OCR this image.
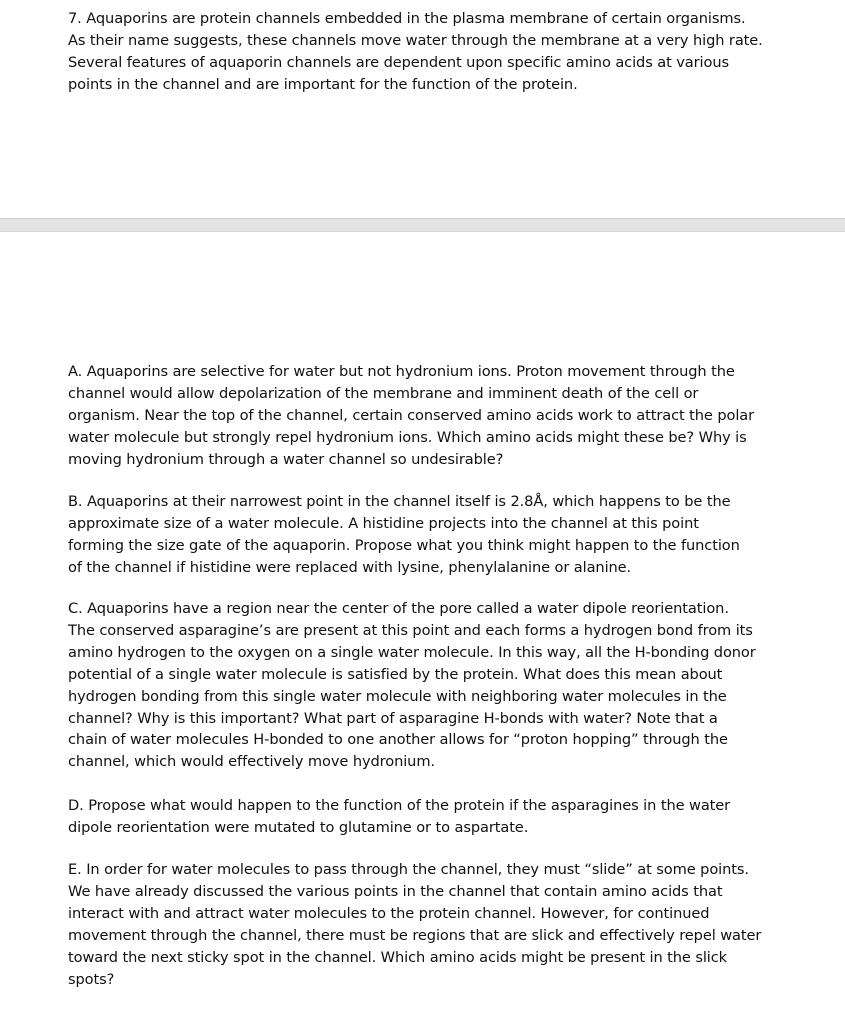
7. Aquaporins are protein channels embedded in the plasma membrane of certain organisms.
As their name suggests, these channels move water through the membrane at a very high rate.
Several features of aquaporin channels are dependent upon specific amino acids at various
points in the channel and are important for the function of the protein.

A. Aquaporins are selective for water but not hydronium ions. Proton movement through the
channel would allow depolarization of the membrane and imminent death of the cell or
organism. Near the top of the channel, certain conserved amino acids work to attract the polar
water molecule but strongly repel hydronium ions. Which amino acids might these be? Why is
moving hydronium through a water channel so undesirable?

B. Aquaporins at their narrowest point in the channel itself is 2.8Å, which happens to be the
approximate size of a water molecule. A histidine projects into the channel at this point
forming the size gate of the aquaporin. Propose what you think might happen to the function
of the channel if histidine were replaced with lysine, phenylalanine or alanine.

C. Aquaporins have a region near the center of the pore called a water dipole reorientation.
The conserved asparagine’s are present at this point and each forms a hydrogen bond from its
amino hydrogen to the oxygen on a single water molecule. In this way, all the H-bonding donor
potential of a single water molecule is satisfied by the protein. What does this mean about
hydrogen bonding from this single water molecule with neighboring water molecules in the
channel? Why is this important? What part of asparagine H-bonds with water? Note that a
chain of water molecules H-bonded to one another allows for “proton hopping” through the
channel, which would effectively move hydronium.

D. Propose what would happen to the function of the protein if the asparagines in the water
dipole reorientation were mutated to glutamine or to aspartate.

E. In order for water molecules to pass through the channel, they must “slide” at some points.
We have already discussed the various points in the channel that contain amino acids that
interact with and attract water molecules to the protein channel. However, for continued
movement through the channel, there must be regions that are slick and effectively repel water
toward the next sticky spot in the channel. Which amino acids might be present in the slick
spots?
